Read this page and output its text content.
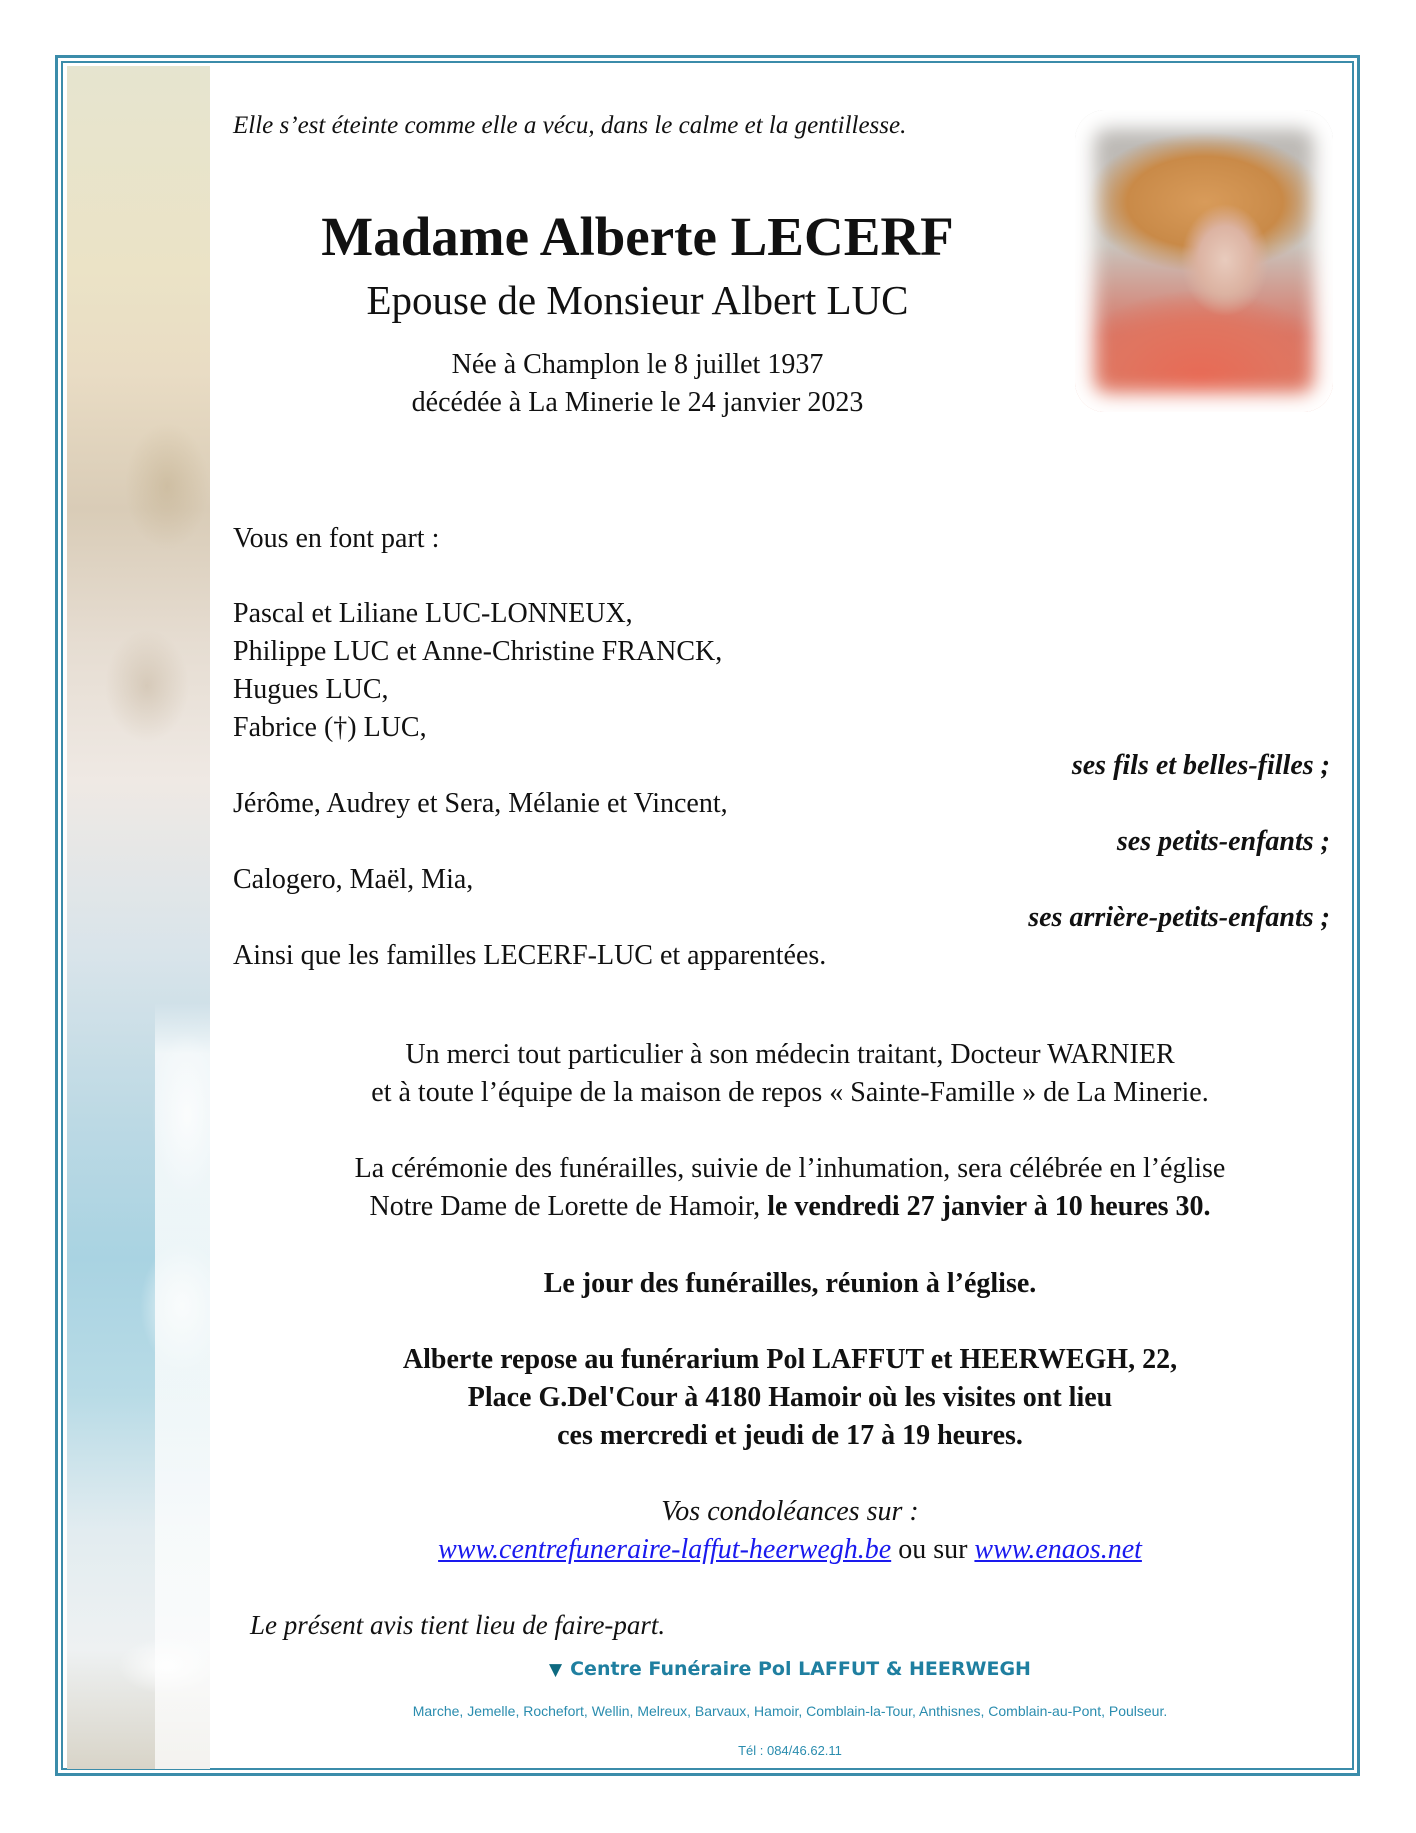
Elle s’est éteinte comme elle a vécu, dans le calme et la gentillesse.
Madame Alberte LECERF
Epouse de Monsieur Albert LUC
Née à Champlon le 8 juillet 1937
décédée à La Minerie le 24 janvier 2023
Vous en font part :
Pascal et Liliane LUC-LONNEUX,
Philippe LUC et Anne-Christine FRANCK,
Hugues LUC,
Fabrice (†) LUC,
ses fils et belles-filles ;
Jérôme, Audrey et Sera, Mélanie et Vincent,
ses petits-enfants ;
Calogero, Maël, Mia,
ses arrière-petits-enfants ;
Ainsi que les familles LECERF-LUC et apparentées.
Un merci tout particulier à son médecin traitant, Docteur WARNIER
et à toute l’équipe de la maison de repos « Sainte-Famille » de La Minerie.
La cérémonie des funérailles, suivie de l’inhumation, sera célébrée en l’église
Notre Dame de Lorette de Hamoir, le vendredi 27 janvier à 10 heures 30.
Le jour des funérailles, réunion à l’église.
Alberte repose au funérarium Pol LAFFUT et HEERWEGH, 22,
Place G.Del'Cour à 4180 Hamoir où les visites ont lieu
ces mercredi et jeudi de 17 à 19 heures.
Vos condoléances sur :
www.centrefuneraire-laffut-heerwegh.be ou sur www.enaos.net
Le présent avis tient lieu de faire-part.
▼ Centre Funéraire Pol LAFFUT & HEERWEGH
Marche, Jemelle, Rochefort, Wellin, Melreux, Barvaux, Hamoir, Comblain-la-Tour, Anthisnes, Comblain-au-Pont, Poulseur.
Tél : 084/46.62.11
